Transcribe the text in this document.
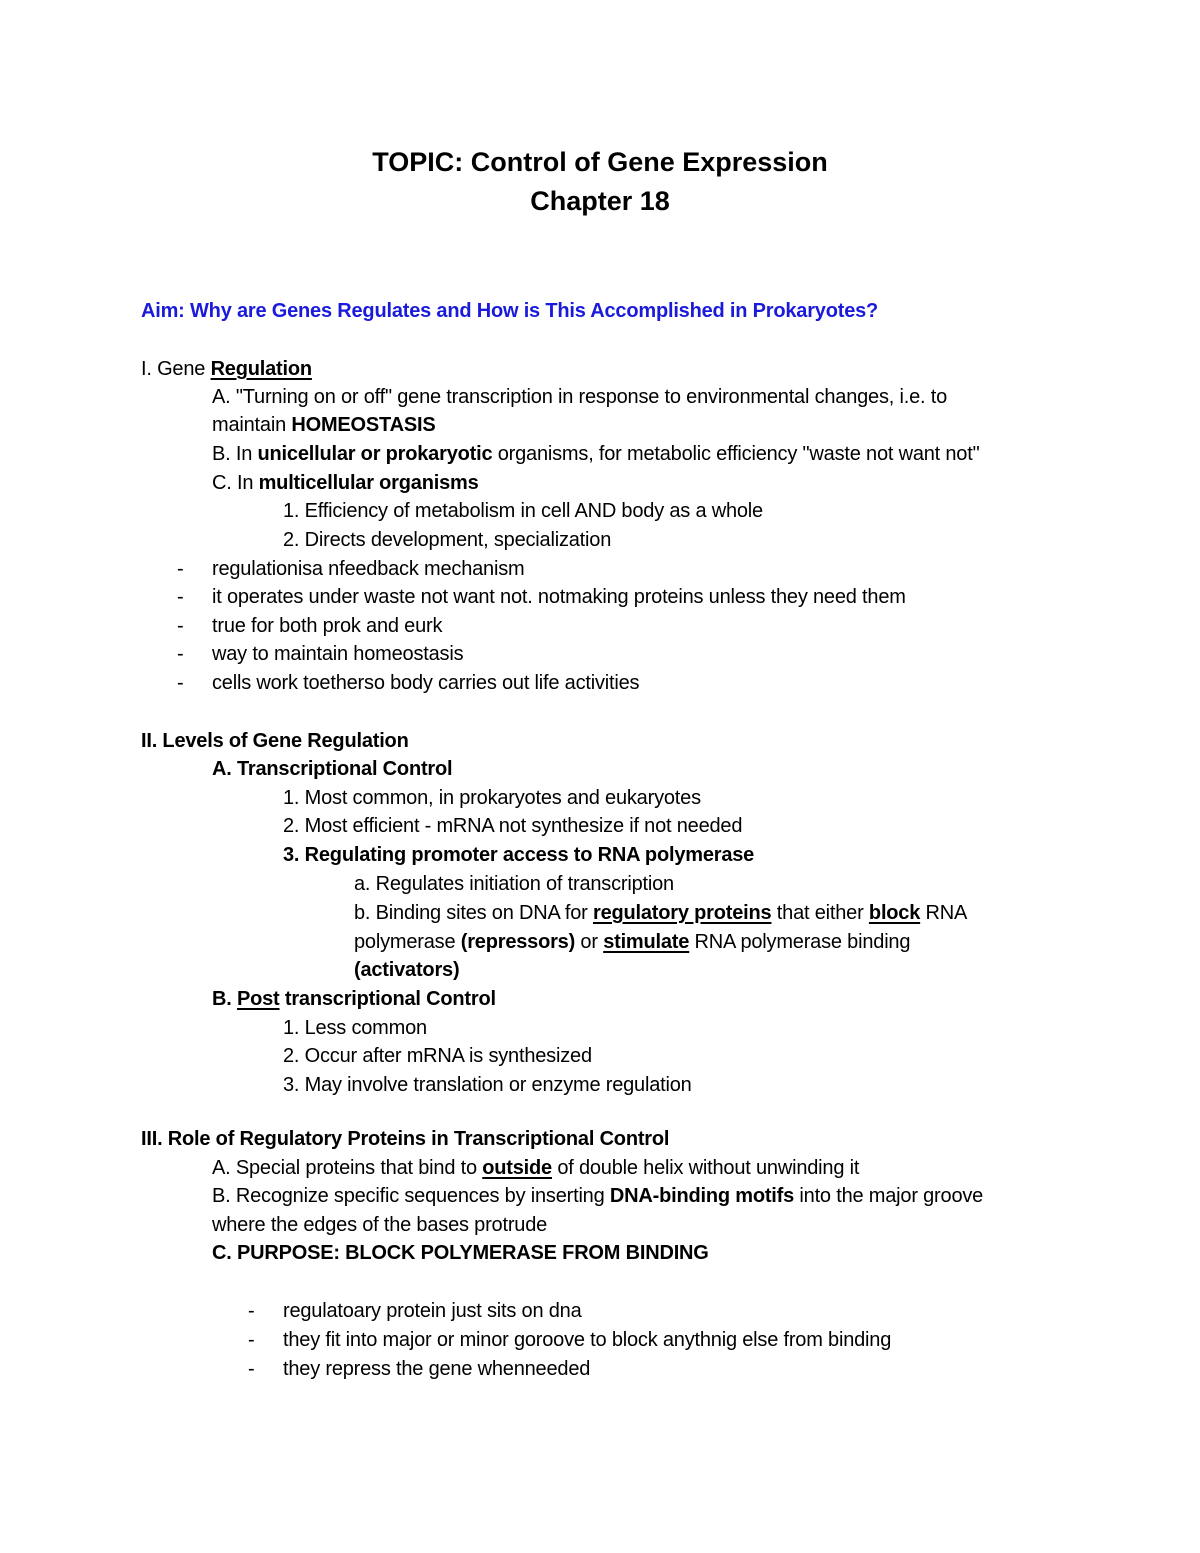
TOPIC: Control of Gene Expression
Chapter 18
Aim: Why are Genes Regulates and How is This Accomplished in Prokaryotes?
I. Gene Regulation
A. "Turning on or off" gene transcription in response to environmental changes, i.e. to
maintain HOMEOSTASIS
B. In unicellular or prokaryotic organisms, for metabolic efficiency "waste not want not"
C. In multicellular organisms
1. Efficiency of metabolism in cell AND body as a whole
2. Directs development, specialization
- regulationisa nfeedback mechanism
- it operates under waste not want not. notmaking proteins unless they need them
- true for both prok and eurk
- way to maintain homeostasis
- cells work toetherso body carries out life activities
II. Levels of Gene Regulation
A. Transcriptional Control
1. Most common, in prokaryotes and eukaryotes
2. Most efficient - mRNA not synthesize if not needed
3. Regulating promoter access to RNA polymerase
a. Regulates initiation of transcription
b. Binding sites on DNA for regulatory proteins that either block RNA
polymerase (repressors) or stimulate RNA polymerase binding
(activators)
B. Post transcriptional Control
1. Less common
2. Occur after mRNA is synthesized
3. May involve translation or enzyme regulation
III. Role of Regulatory Proteins in Transcriptional Control
A. Special proteins that bind to outside of double helix without unwinding it
B. Recognize specific sequences by inserting DNA-binding motifs into the major groove
where the edges of the bases protrude
C. PURPOSE: BLOCK POLYMERASE FROM BINDING
- regulatoary protein just sits on dna
- they fit into major or minor goroove to block anythnig else from binding
- they repress the gene whenneeded
